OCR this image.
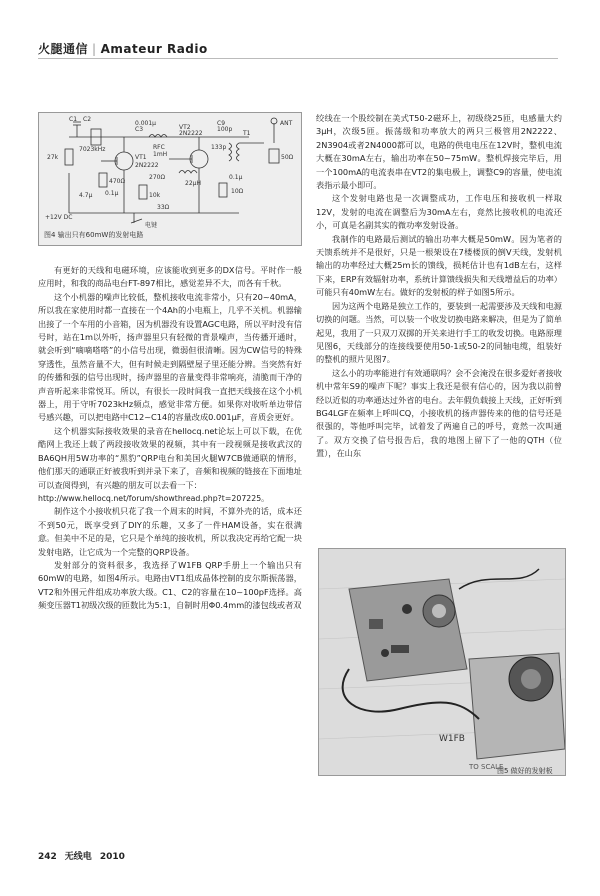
火腿通信 | Amateur Radio
C1 C2
7023kHz
VT1
2N2222
C3
0.001μ
27k
470Ω
RFC
1mH
4.7μ	10k
0.1μ
270Ω
33Ω
VT2
2N2222
22μH
0.1μ
C9
100p
133p
T1
ANT
50Ω
10Ω
+12V DC
电键
图4 输出只有60mW的发射电路

有更好的天线和电磁环境，应该能收到更多的DX信号。平时作一般应用时，和我的商品电台FT-897相比，感觉差异不大，而各有千秋。

这个小机器的噪声比较低，整机接收电流非常小，只有20~40mA，所以我在家使用时都一直接在一个4Ah的小电瓶上，几乎不关机。机器输出接了一个车用的小音箱，因为机器没有设置AGC电路，所以平时没有信号时，站在1m以外听，扬声器里只有轻微的背景噪声，当传播开通时，就会听到“嘀嘀嗒嗒”的小信号出现，微弱但很清晰。因为CW信号的特殊穿透性，虽然音量不大，但有时候走到隔壁屋子里还能分辨。当突然有好的传播和强的信号出现时，扬声器里的音量变得非常响亮，清脆而干净的声音听起来非常悦耳。所以，有很长一段时间我一直把天线接在这个小机器上，用于守听7023kHz频点，感觉非常方便。如果你对收听单边带信号感兴趣，可以把电路中C12~C14的容量改成0.001μF，音质会更好。

这个机器实际接收效果的录音在hellocq.net论坛上可以下载，在优酷网上我还上载了两段接收效果的视频，其中有一段视频是接收武汉的BA6QH用5W功率的“黑豹”QRP电台和美国火腿W7CB做通联的情形，他们那天的通联正好被我听到并录下来了，音频和视频的链接在下面地址可以查阅得到，有兴趣的朋友可以去看一下：

http://www.hellocq.net/forum/showthread.php?t=207225。

制作这个小接收机只花了我一个周末的时间，不算外壳的话，成本还不到50元，既享受到了DIY的乐趣，又多了一件HAM设备，实在很满意。但美中不足的是，它只是个单纯的接收机，所以我决定再给它配一块发射电路，让它成为一个完整的QRP设备。

发射部分的资料很多，我选择了W1FB QRP手册上一个输出只有60mW的电路，如图4所示。电路由VT1组成晶体控制的皮尔斯振荡器，VT2和外围元件组成功率放大级。C1、C2的容量在10~100pF选择。高频变压器T1初级次级的匝数比为5:1，自制时用Φ0.4mm的漆包线或者双

绞线在一个股绞制在美式T50-2磁环上，初级绕25匝，电感量大约3μH，次级5匝。振荡级和功率放大的两只三极管用2N2222、2N3904或者2N4000都可以，电路的供电电压在12V时，整机电流大概在30mA左右，输出功率在50~75mW。整机焊接完毕后，用一个100mA的电流表串在VT2的集电极上，调整C9的容量，使电流表指示最小即可。

这个发射电路也是一次调整成功，工作电压和接收机一样取12V，发射的电流在调整后为30mA左右，竟然比接收机的电流还小，可真是名副其实的微功率发射设备。

我制作的电路最后测试的输出功率大概是50mW。因为笔者的天馈系统并不是很好，只是一根架设在7楼楼顶的倒V天线，发射机输出的功率经过大概25m长的馈线，损耗估计也有1dB左右，这样下来，ERP有效辐射功率，系统计算馈线损失和天线增益后的功率）可能只有40mW左右。做好的发射板的样子如图5所示。

因为这两个电路是独立工作的，要装到一起需要涉及天线和电源切换的问题。当然，可以装一个收发切换电路来解决，但是为了简单起见，我用了一只双刀双掷的开关来进行手工的收发切换。电路原理见图6，天线部分的连接线要使用50-1或50-2的同轴电缆，组装好的整机的照片见图7。

这么小的功率能进行有效通联吗？会不会淹没在很多爱好者接收机中常年S9的噪声下呢？事实上我还是很有信心的，因为我以前曾经以近似的功率通达过外省的电台。去年假负载接上天线，正好听到BG4LGF在频率上呼叫CQ，小接收机的扬声器传来的他的信号还是很强的，等他呼叫完毕，试着发了两遍自己的呼号，竟然一次叫通了。双方交换了信号报告后，我的地图上留下了一他的QTH（位置），在山东

W1FB
TO SCALE
图5 做好的发射板
242 无线电 2010
